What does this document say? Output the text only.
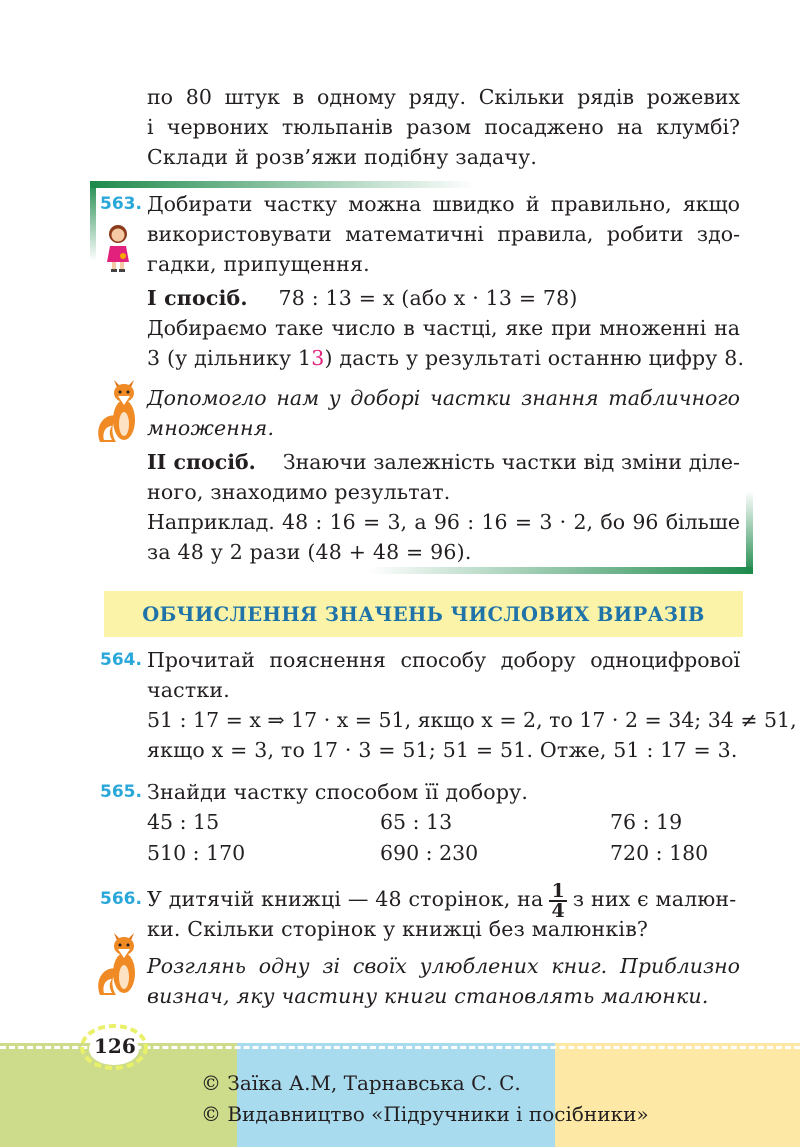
по 80 штук в одному ряду. Скільки рядів рожевих
і червоних тюльпанів разом посаджено на клумбі?
Склади й розв’яжи подібну задачу.
563. Добирати частку можна швидко й правильно, якщо
використовувати математичні правила, робити здо-
гадки, припущення.
І спосіб. 78 : 13 = x (або x · 13 = 78)
Добираємо таке число в частці, яке при множенні на
3 (у дільнику 13) дасть у результаті останню цифру 8.
Допомогло нам у доборі частки знання табличного
множення.
ІІ спосіб. Знаючи залежність частки від зміни діле-
ного, знаходимо результат.
Наприклад. 48 : 16 = 3, а 96 : 16 = 3 · 2, бо 96 більше
за 48 у 2 рази (48 + 48 = 96).
ОБЧИСЛЕННЯ ЗНАЧЕНЬ ЧИСЛОВИХ ВИРАЗІВ
564. Прочитай пояснення способу добору одноцифрової
частки.
51 : 17 = x ⇒ 17 · x = 51, якщо x = 2, то 17 · 2 = 34; 34 ≠ 51,
якщо x = 3, то 17 · 3 = 51; 51 = 51. Отже, 51 : 17 = 3.
565. Знайди частку способом її добору.
45 : 15	65 : 13	76 : 19
510 : 170	690 : 230	720 : 180
566. У дитячій книжці — 48 сторінок, на $\frac{1}{4}$ з них є малюн-
ки. Скільки сторінок у книжці без малюнків?
Розглянь одну зі своїх улюблених книг. Приблизно
визнач, яку частину книги становлять малюнки.
126
© Заїка А.М, Тарнавська С. С.
© Видавництво «Підручники і посібники»
